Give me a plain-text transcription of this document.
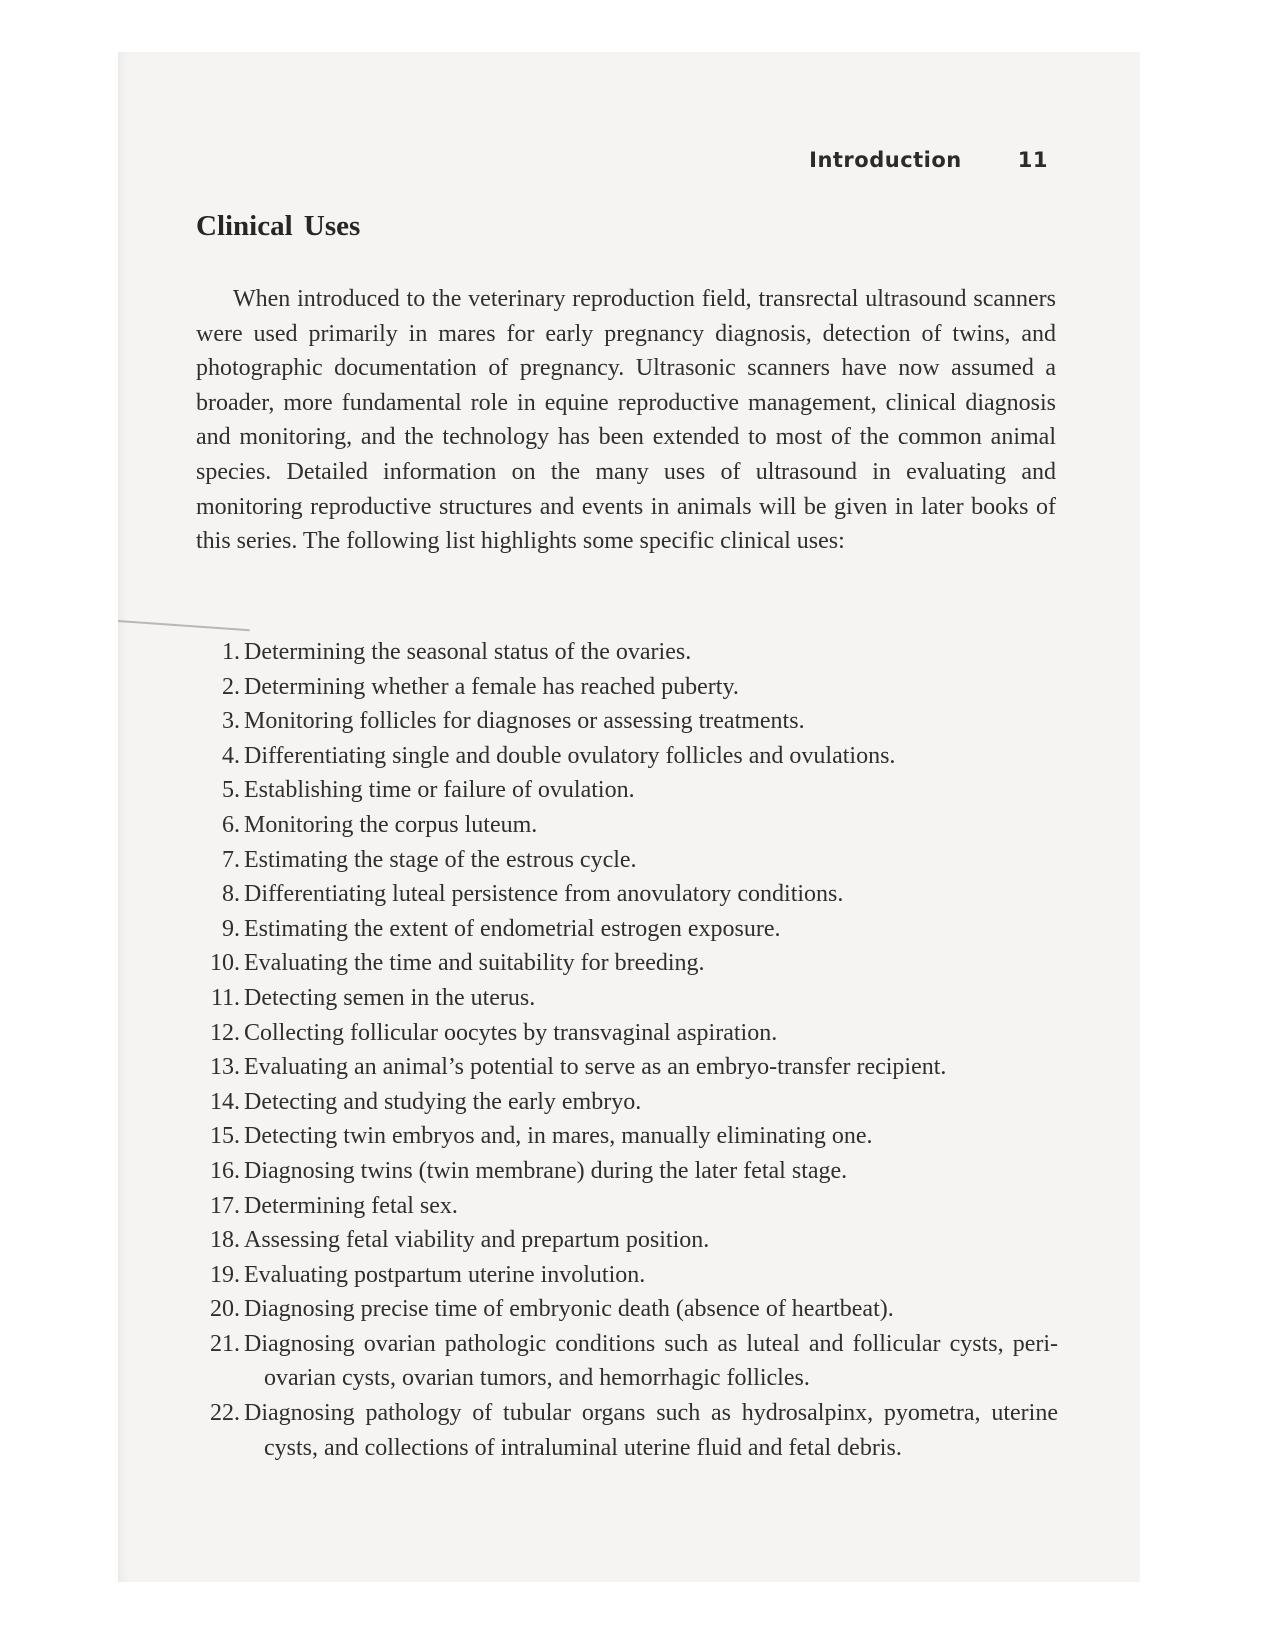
Introduction	11
Clinical Uses

When introduced to the veterinary reproduction field, transrectal ultrasound scanners were used primarily in mares for early pregnancy diagnosis, detection of twins, and photographic documentation of pregnancy. Ultrasonic scanners have now assumed a broader, more fundamental role in equine reproductive management, clinical diagnosis and monitoring, and the technology has been extended to most of the common animal species. Detailed information on the many uses of ultrasound in evaluating and monitoring reproductive structures and events in animals will be given in later books of this series. The following list highlights some specific clinical uses:

1. Determining the seasonal status of the ovaries.
2. Determining whether a female has reached puberty.
3. Monitoring follicles for diagnoses or assessing treatments.
4. Differentiating single and double ovulatory follicles and ovulations.
5. Establishing time or failure of ovulation.
6. Monitoring the corpus luteum.
7. Estimating the stage of the estrous cycle.
8. Differentiating luteal persistence from anovulatory conditions.
9. Estimating the extent of endometrial estrogen exposure.
10. Evaluating the time and suitability for breeding.
11. Detecting semen in the uterus.
12. Collecting follicular oocytes by transvaginal aspiration.
13. Evaluating an animal’s potential to serve as an embryo-transfer recipient.
14. Detecting and studying the early embryo.
15. Detecting twin embryos and, in mares, manually eliminating one.
16. Diagnosing twins (twin membrane) during the later fetal stage.
17. Determining fetal sex.
18. Assessing fetal viability and prepartum position.
19. Evaluating postpartum uterine involution.
20. Diagnosing precise time of embryonic death (absence of heartbeat).
21. Diagnosing ovarian pathologic conditions such as luteal and follicular cysts, peri-ovarian cysts, ovarian tumors, and hemorrhagic follicles.
22. Diagnosing pathology of tubular organs such as hydrosalpinx, pyometra, uterine cysts, and collections of intraluminal uterine fluid and fetal debris.
